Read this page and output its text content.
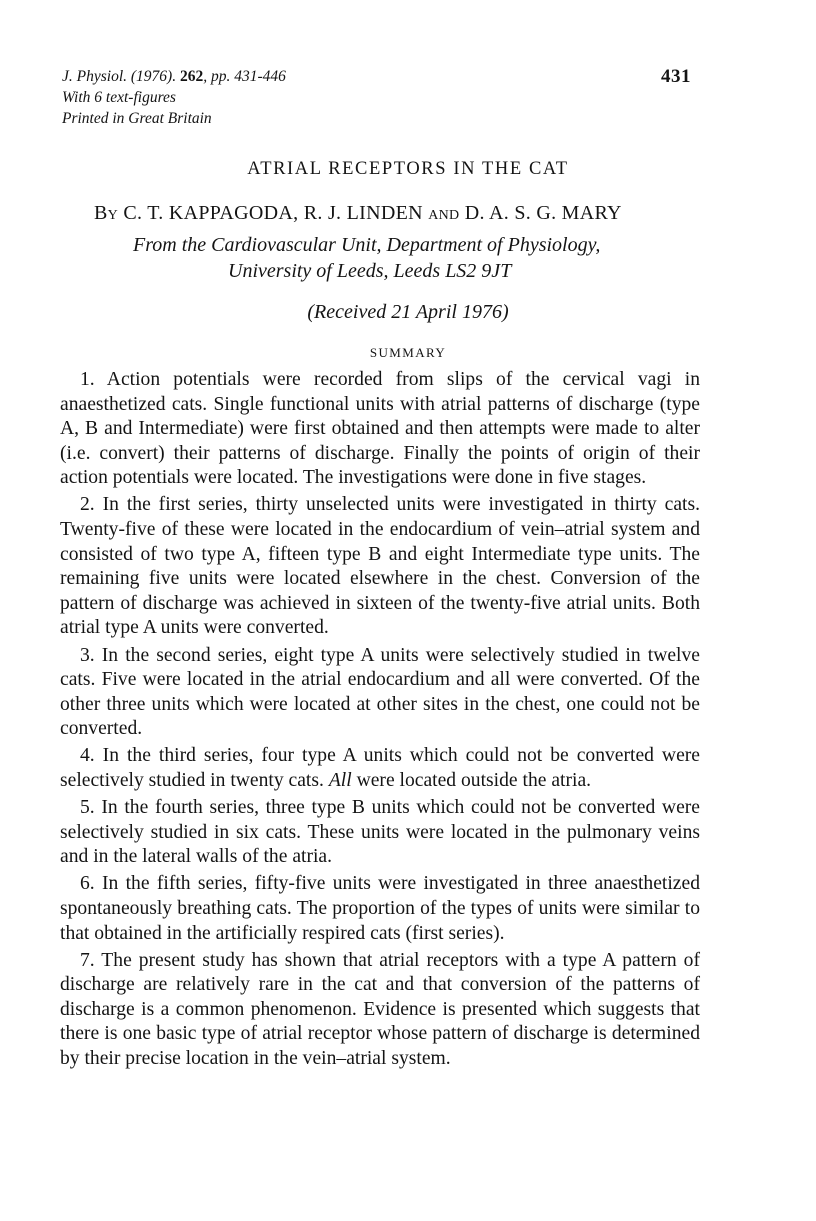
J. Physiol. (1976). 262, pp. 431-446
With 6 text-figures
Printed in Great Britain
431
ATRIAL RECEPTORS IN THE CAT
By C. T. KAPPAGODA, R. J. LINDEN and D. A. S. G. MARY
From the Cardiovascular Unit, Department of Physiology,
University of Leeds, Leeds LS2 9JT
(Received 21 April 1976)
SUMMARY

1. Action potentials were recorded from slips of the cervical vagi in anaesthetized cats. Single functional units with atrial patterns of discharge (type A, B and Intermediate) were first obtained and then attempts were made to alter (i.e. convert) their patterns of discharge. Finally the points of origin of their action potentials were located. The investigations were done in five stages.

2. In the first series, thirty unselected units were investigated in thirty cats. Twenty-five of these were located in the endocardium of vein–atrial system and consisted of two type A, fifteen type B and eight Intermediate type units. The remaining five units were located elsewhere in the chest. Conversion of the pattern of discharge was achieved in sixteen of the twenty-five atrial units. Both atrial type A units were converted.

3. In the second series, eight type A units were selectively studied in twelve cats. Five were located in the atrial endocardium and all were converted. Of the other three units which were located at other sites in the chest, one could not be converted.

4. In the third series, four type A units which could not be converted were selectively studied in twenty cats. All were located outside the atria.

5. In the fourth series, three type B units which could not be converted were selectively studied in six cats. These units were located in the pulmonary veins and in the lateral walls of the atria.

6. In the fifth series, fifty-five units were investigated in three anaesthetized spontaneously breathing cats. The proportion of the types of units were similar to that obtained in the artificially respired cats (first series).

7. The present study has shown that atrial receptors with a type A pattern of discharge are relatively rare in the cat and that conversion of the patterns of discharge is a common phenomenon. Evidence is presented which suggests that there is one basic type of atrial receptor whose pattern of discharge is determined by their precise location in the vein–atrial system.
